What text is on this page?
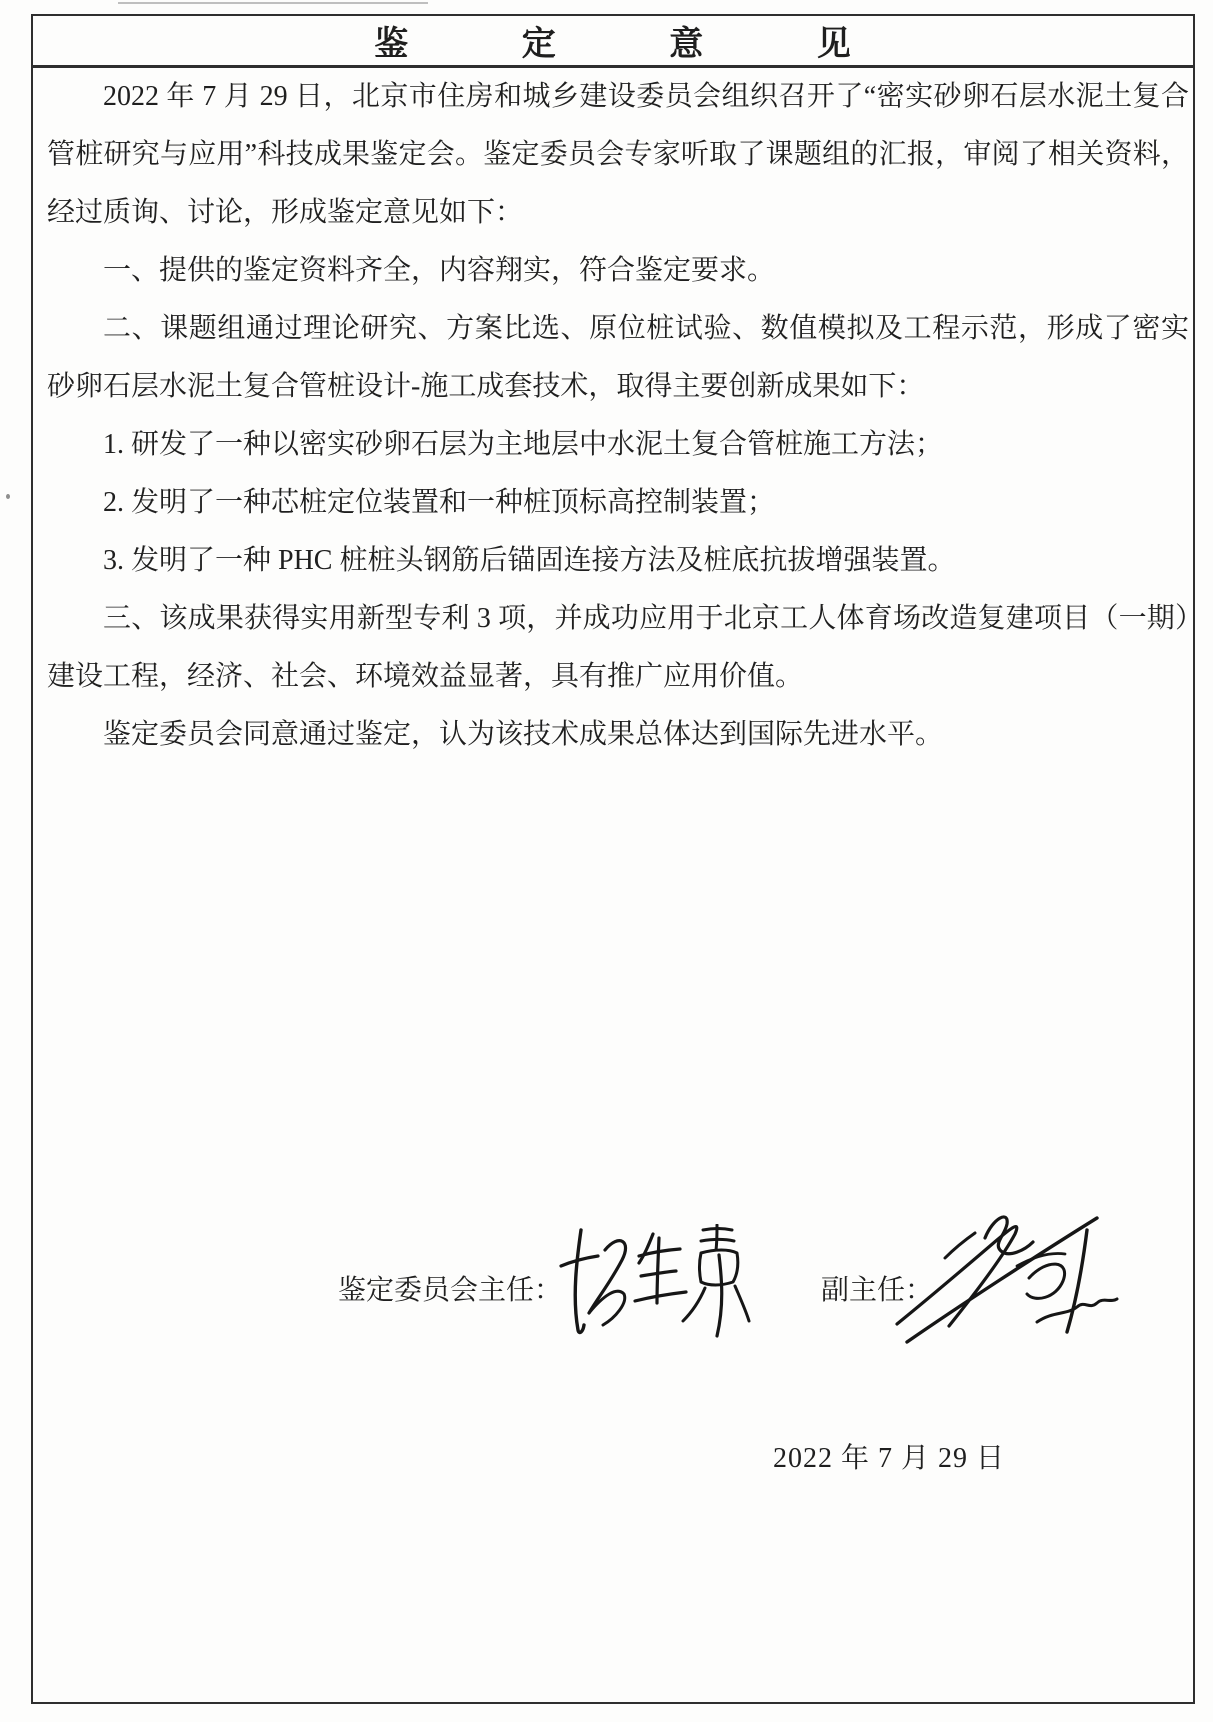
鉴 定 意 见

2022 年 7 月 29 日，北京市住房和城乡建设委员会组织召开了“密实砂卵石层水泥土复合管桩研究与应用”科技成果鉴定会。鉴定委员会专家听取了课题组的汇报，审阅了相关资料，经过质询、讨论，形成鉴定意见如下：

一、提供的鉴定资料齐全，内容翔实，符合鉴定要求。

二、课题组通过理论研究、方案比选、原位桩试验、数值模拟及工程示范，形成了密实砂卵石层水泥土复合管桩设计-施工成套技术，取得主要创新成果如下：

1. 研发了一种以密实砂卵石层为主地层中水泥土复合管桩施工方法；

2. 发明了一种芯桩定位装置和一种桩顶标高控制装置；

3. 发明了一种 PHC 桩桩头钢筋后锚固连接方法及桩底抗拔增强装置。

三、该成果获得实用新型专利 3 项，并成功应用于北京工人体育场改造复建项目（一期）建设工程，经济、社会、环境效益显著，具有推广应用价值。

鉴定委员会同意通过鉴定，认为该技术成果总体达到国际先进水平。

鉴定委员会主任：	副主任：
2022 年 7 月 29 日
